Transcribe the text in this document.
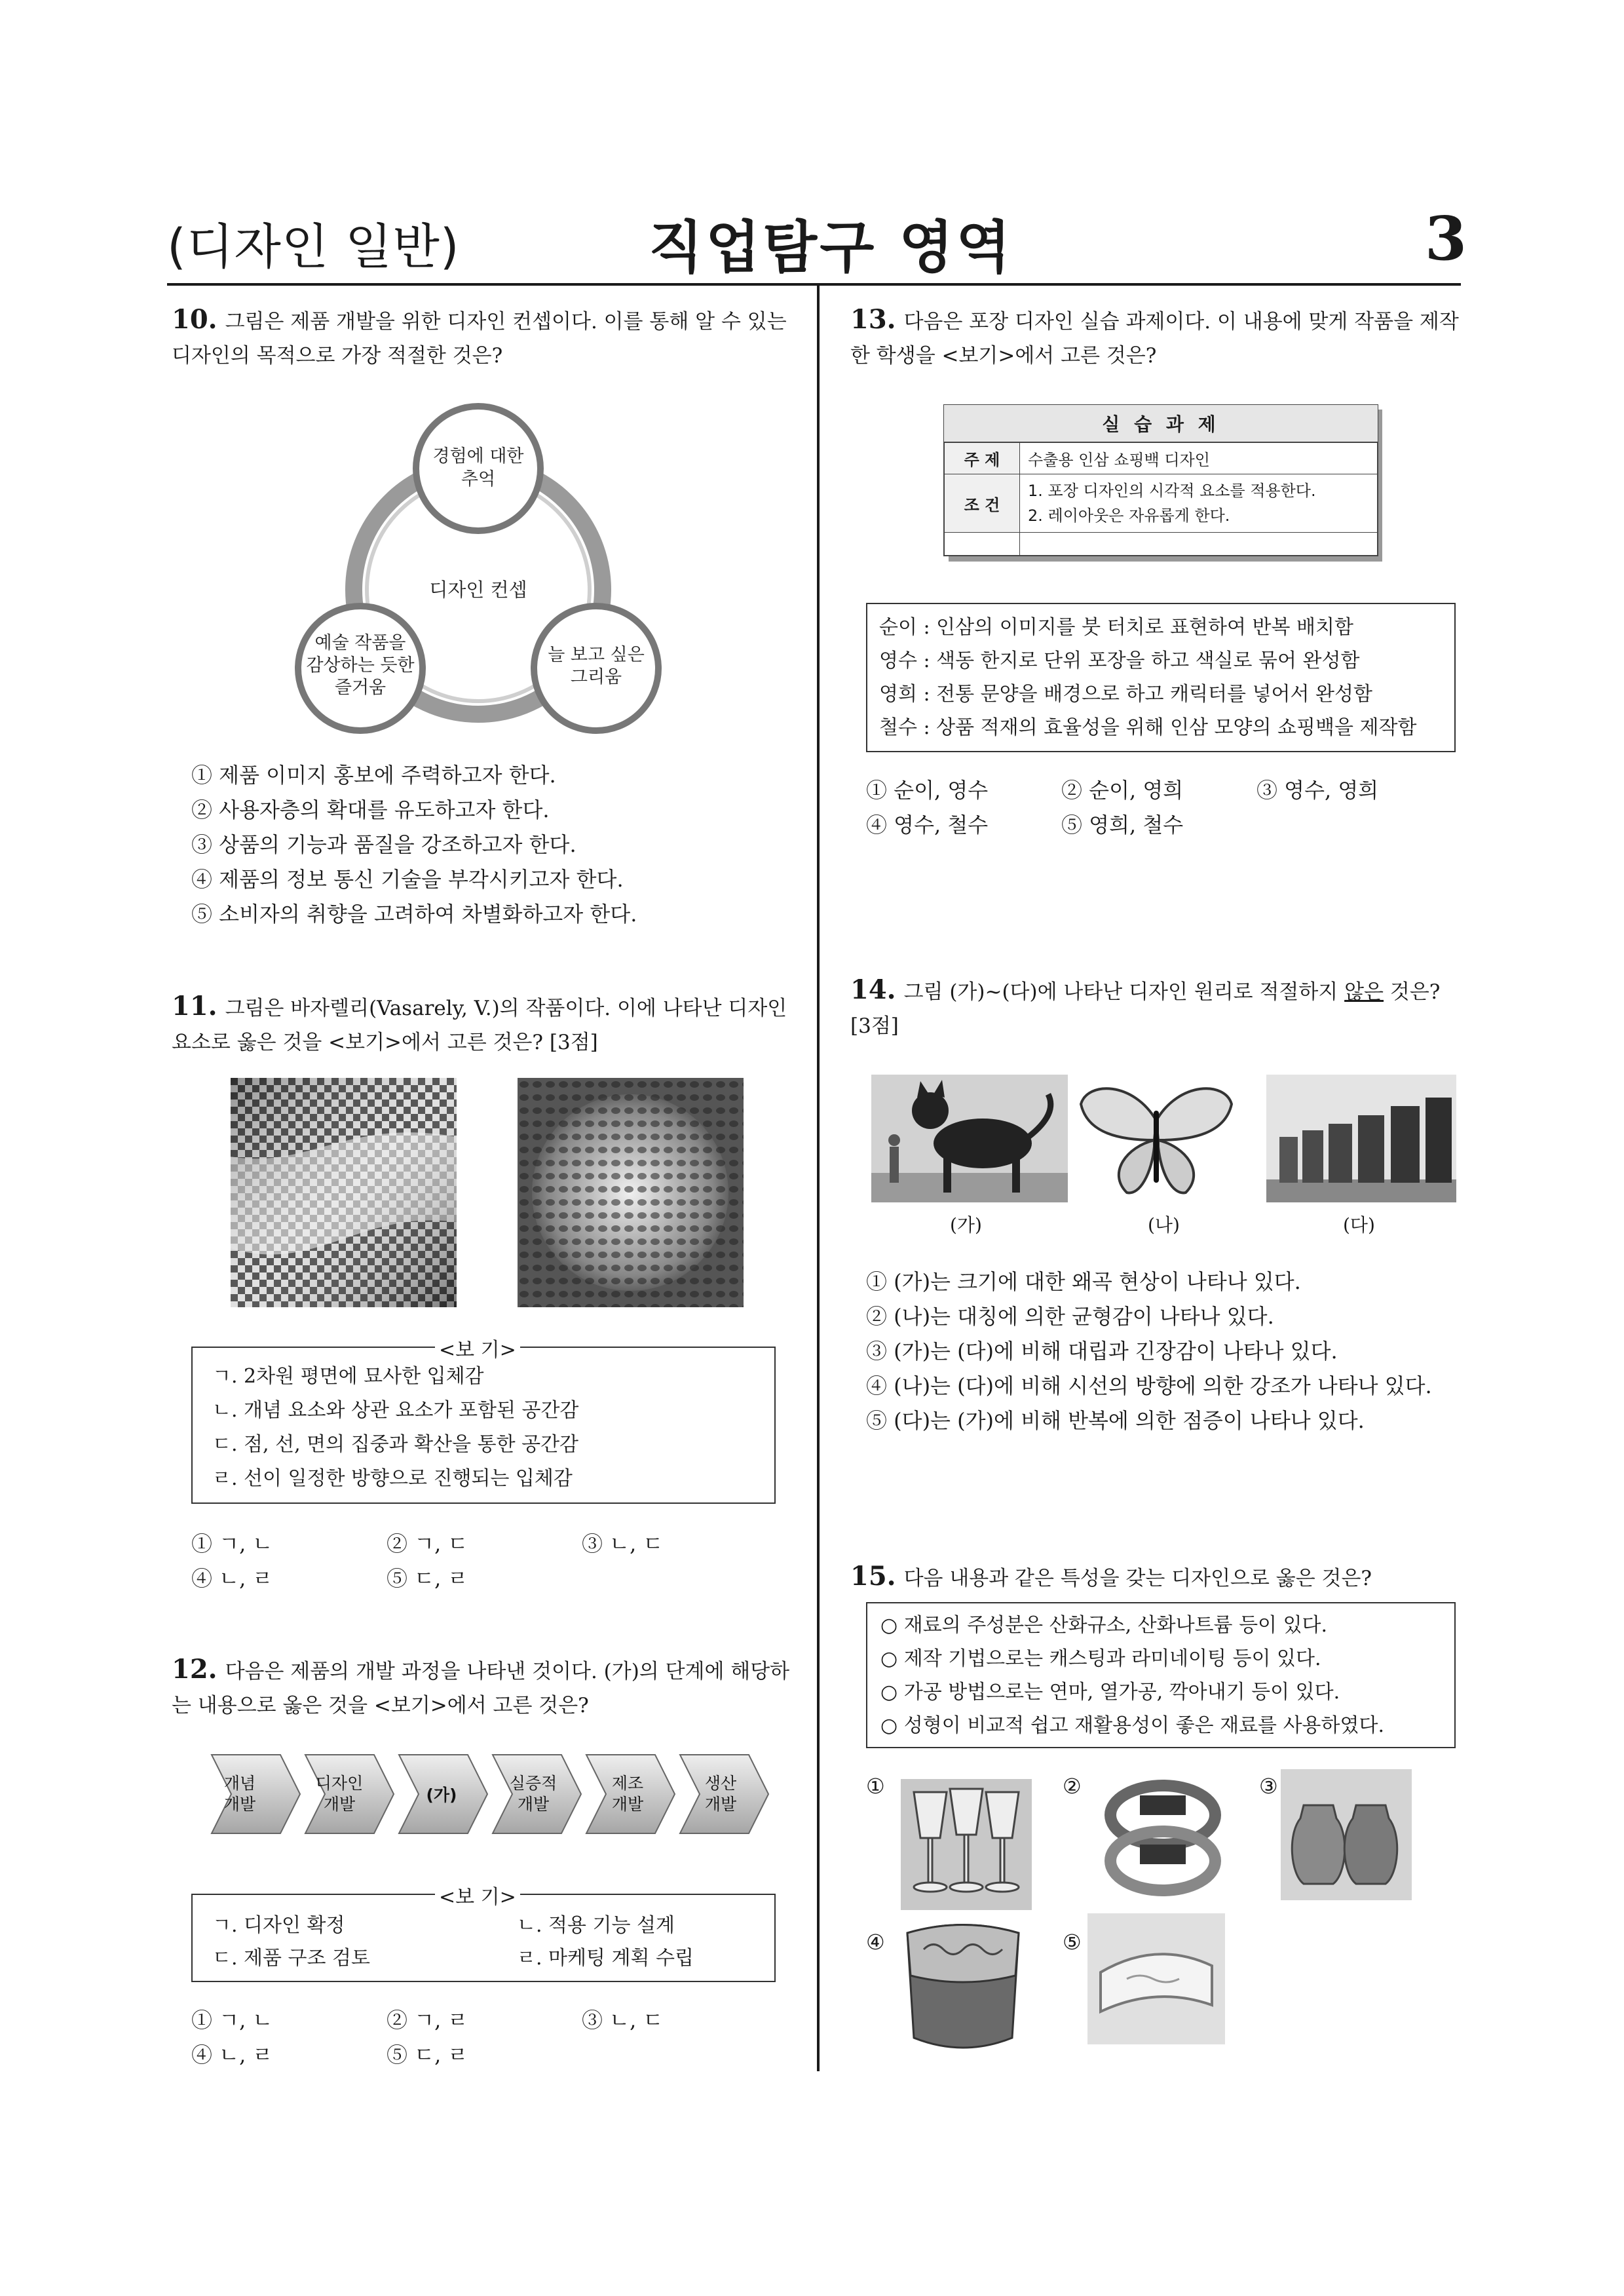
(디자인 일반)	직업탐구 영역	3
10. 그림은 제품 개발을 위한 디자인 컨셉이다. 이를 통해 알 수 있는 디자인의 목적으로 가장 적절한 것은?
디자인 컨셉
경험에 대한
추억
예술 작품을
감상하는 듯한
즐거움
늘 보고 싶은
그리움
① 제품 이미지 홍보에 주력하고자 한다.
② 사용자층의 확대를 유도하고자 한다.
③ 상품의 기능과 품질을 강조하고자 한다.
④ 제품의 정보 통신 기술을 부각시키고자 한다.
⑤ 소비자의 취향을 고려하여 차별화하고자 한다.
11. 그림은 바자렐리(Vasarely, V.)의 작품이다. 이에 나타난 디자인 요소로 옳은 것을 <보기>에서 고른 것은? [3점]
<보 기>
ㄱ. 2차원 평면에 묘사한 입체감
ㄴ. 개념 요소와 상관 요소가 포함된 공간감
ㄷ. 점, 선, 면의 집중과 확산을 통한 공간감
ㄹ. 선이 일정한 방향으로 진행되는 입체감
① ㄱ, ㄴ	② ㄱ, ㄷ	③ ㄴ, ㄷ
④ ㄴ, ㄹ	⑤ ㄷ, ㄹ
12. 다음은 제품의 개발 과정을 나타낸 것이다. (가)의 단계에 해당하는 내용으로 옳은 것을 <보기>에서 고른 것은?
개념
개발
디자인
개발	(가)
실증적
개발
제조
개발
생산
개발
<보 기>
ㄱ. 디자인 확정	ㄴ. 적용 기능 설계
ㄷ. 제품 구조 검토	ㄹ. 마케팅 계획 수립
① ㄱ, ㄴ	② ㄱ, ㄹ	③ ㄴ, ㄷ
④ ㄴ, ㄹ	⑤ ㄷ, ㄹ
13. 다음은 포장 디자인 실습 과제이다. 이 내용에 맞게 작품을 제작한 학생을 <보기>에서 고른 것은?
실 습 과 제
주 제	수출용 인삼 쇼핑백 디자인
조 건	1. 포장 디자인의 시각적 요소를 적용한다.
2. 레이아웃은 자유롭게 한다.

순이 : 인삼의 이미지를 붓 터치로 표현하여 반복 배치함
영수 : 색동 한지로 단위 포장을 하고 색실로 묶어 완성함
영희 : 전통 문양을 배경으로 하고 캐릭터를 넣어서 완성함
철수 : 상품 적재의 효율성을 위해 인삼 모양의 쇼핑백을 제작함
① 순이, 영수	② 순이, 영희	③ 영수, 영희
④ 영수, 철수	⑤ 영희, 철수
14. 그림 (가)~(다)에 나타난 디자인 원리로 적절하지 않은 것은? [3점]
(가)	(나)	(다)
① (가)는 크기에 대한 왜곡 현상이 나타나 있다.
② (나)는 대칭에 의한 균형감이 나타나 있다.
③ (가)는 (다)에 비해 대립과 긴장감이 나타나 있다.
④ (나)는 (다)에 비해 시선의 방향에 의한 강조가 나타나 있다.
⑤ (다)는 (가)에 비해 반복에 의한 점증이 나타나 있다.
15. 다음 내용과 같은 특성을 갖는 디자인으로 옳은 것은?
○ 재료의 주성분은 산화규소, 산화나트륨 등이 있다.
○ 제작 기법으로는 캐스팅과 라미네이팅 등이 있다.
○ 가공 방법으로는 연마, 열가공, 깍아내기 등이 있다.
○ 성형이 비교적 쉽고 재활용성이 좋은 재료를 사용하였다.
①	②	③
④	⑤
